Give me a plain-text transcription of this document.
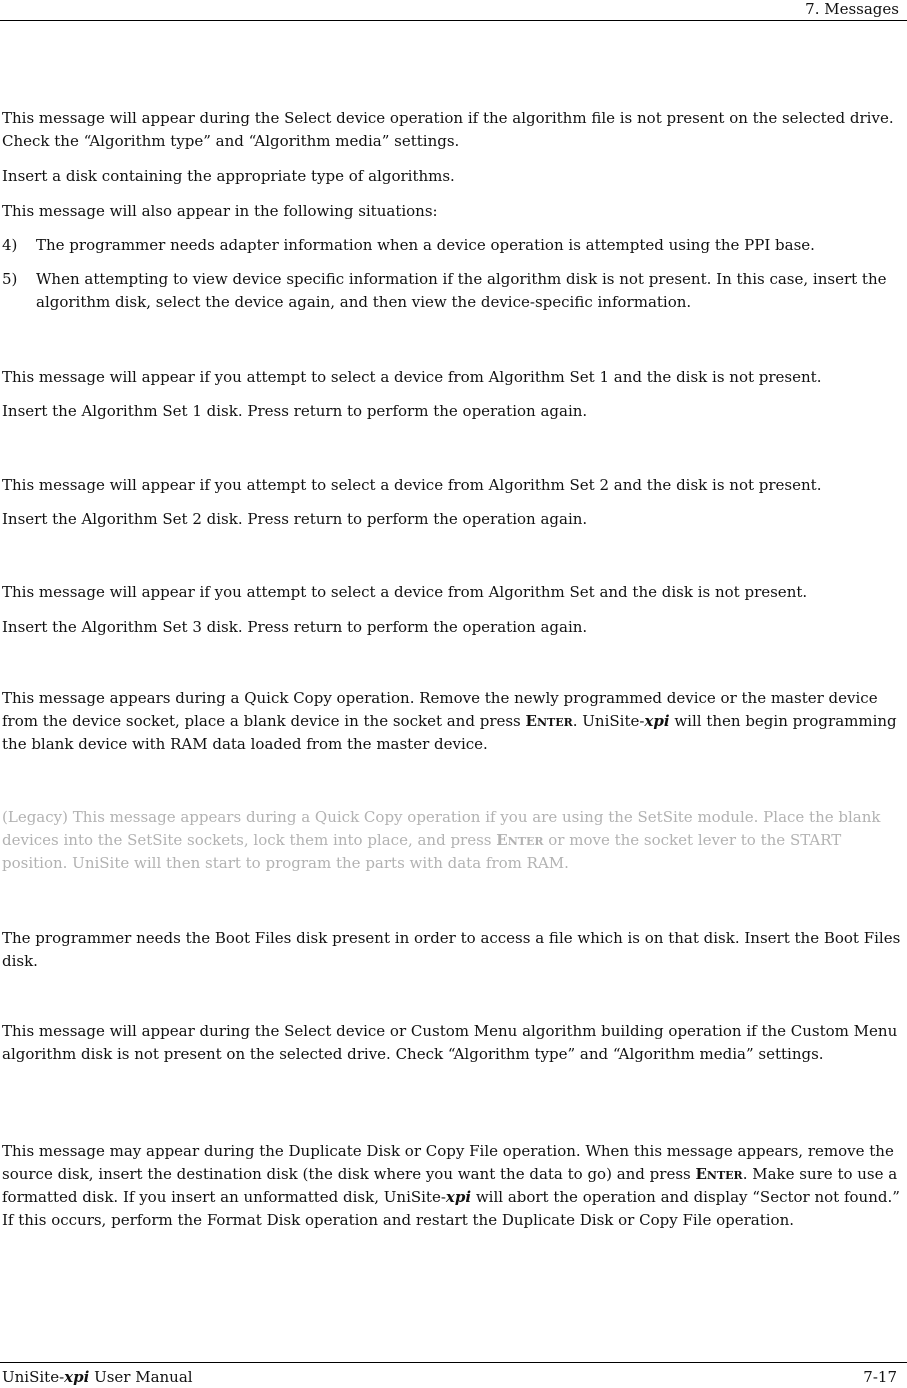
7. Messages

This message will appear during the Select device operation if the algorithm file is not present on the selected drive. Check the “Algorithm type” and “Algorithm media” settings.

Insert a disk containing the appropriate type of algorithms.

This message will also appear in the following situations:

4) The programmer needs adapter information when a device operation is attempted using the PPI base.
5) When attempting to view device specific information if the algorithm disk is not present. In this case, insert the algorithm disk, select the device again, and then view the device-specific information.

This message will appear if you attempt to select a device from Algorithm Set 1 and the disk is not present.

Insert the Algorithm Set 1 disk. Press return to perform the operation again.

This message will appear if you attempt to select a device from Algorithm Set 2 and the disk is not present.

Insert the Algorithm Set 2 disk. Press return to perform the operation again.

This message will appear if you attempt to select a device from Algorithm Set and the disk is not present.

Insert the Algorithm Set 3 disk. Press return to perform the operation again.

This message appears during a Quick Copy operation. Remove the newly programmed device or the master device from the device socket, place a blank device in the socket and press Enter. UniSite-xpi will then begin programming the blank device with RAM data loaded from the master device.

(Legacy) This message appears during a Quick Copy operation if you are using the SetSite module. Place the blank devices into the SetSite sockets, lock them into place, and press Enter or move the socket lever to the START position. UniSite will then start to program the parts with data from RAM.

The programmer needs the Boot Files disk present in order to access a file which is on that disk. Insert the Boot Files disk.

This message will appear during the Select device or Custom Menu algorithm building operation if the Custom Menu algorithm disk is not present on the selected drive. Check “Algorithm type” and “Algorithm media” settings.

This message may appear during the Duplicate Disk or Copy File operation. When this message appears, remove the source disk, insert the destination disk (the disk where you want the data to go) and press Enter. Make sure to use a formatted disk. If you insert an unformatted disk, UniSite-xpi will abort the operation and display “Sector not found.” If this occurs, perform the Format Disk operation and restart the Duplicate Disk or Copy File operation.

UniSite-xpi User Manual	7-17
